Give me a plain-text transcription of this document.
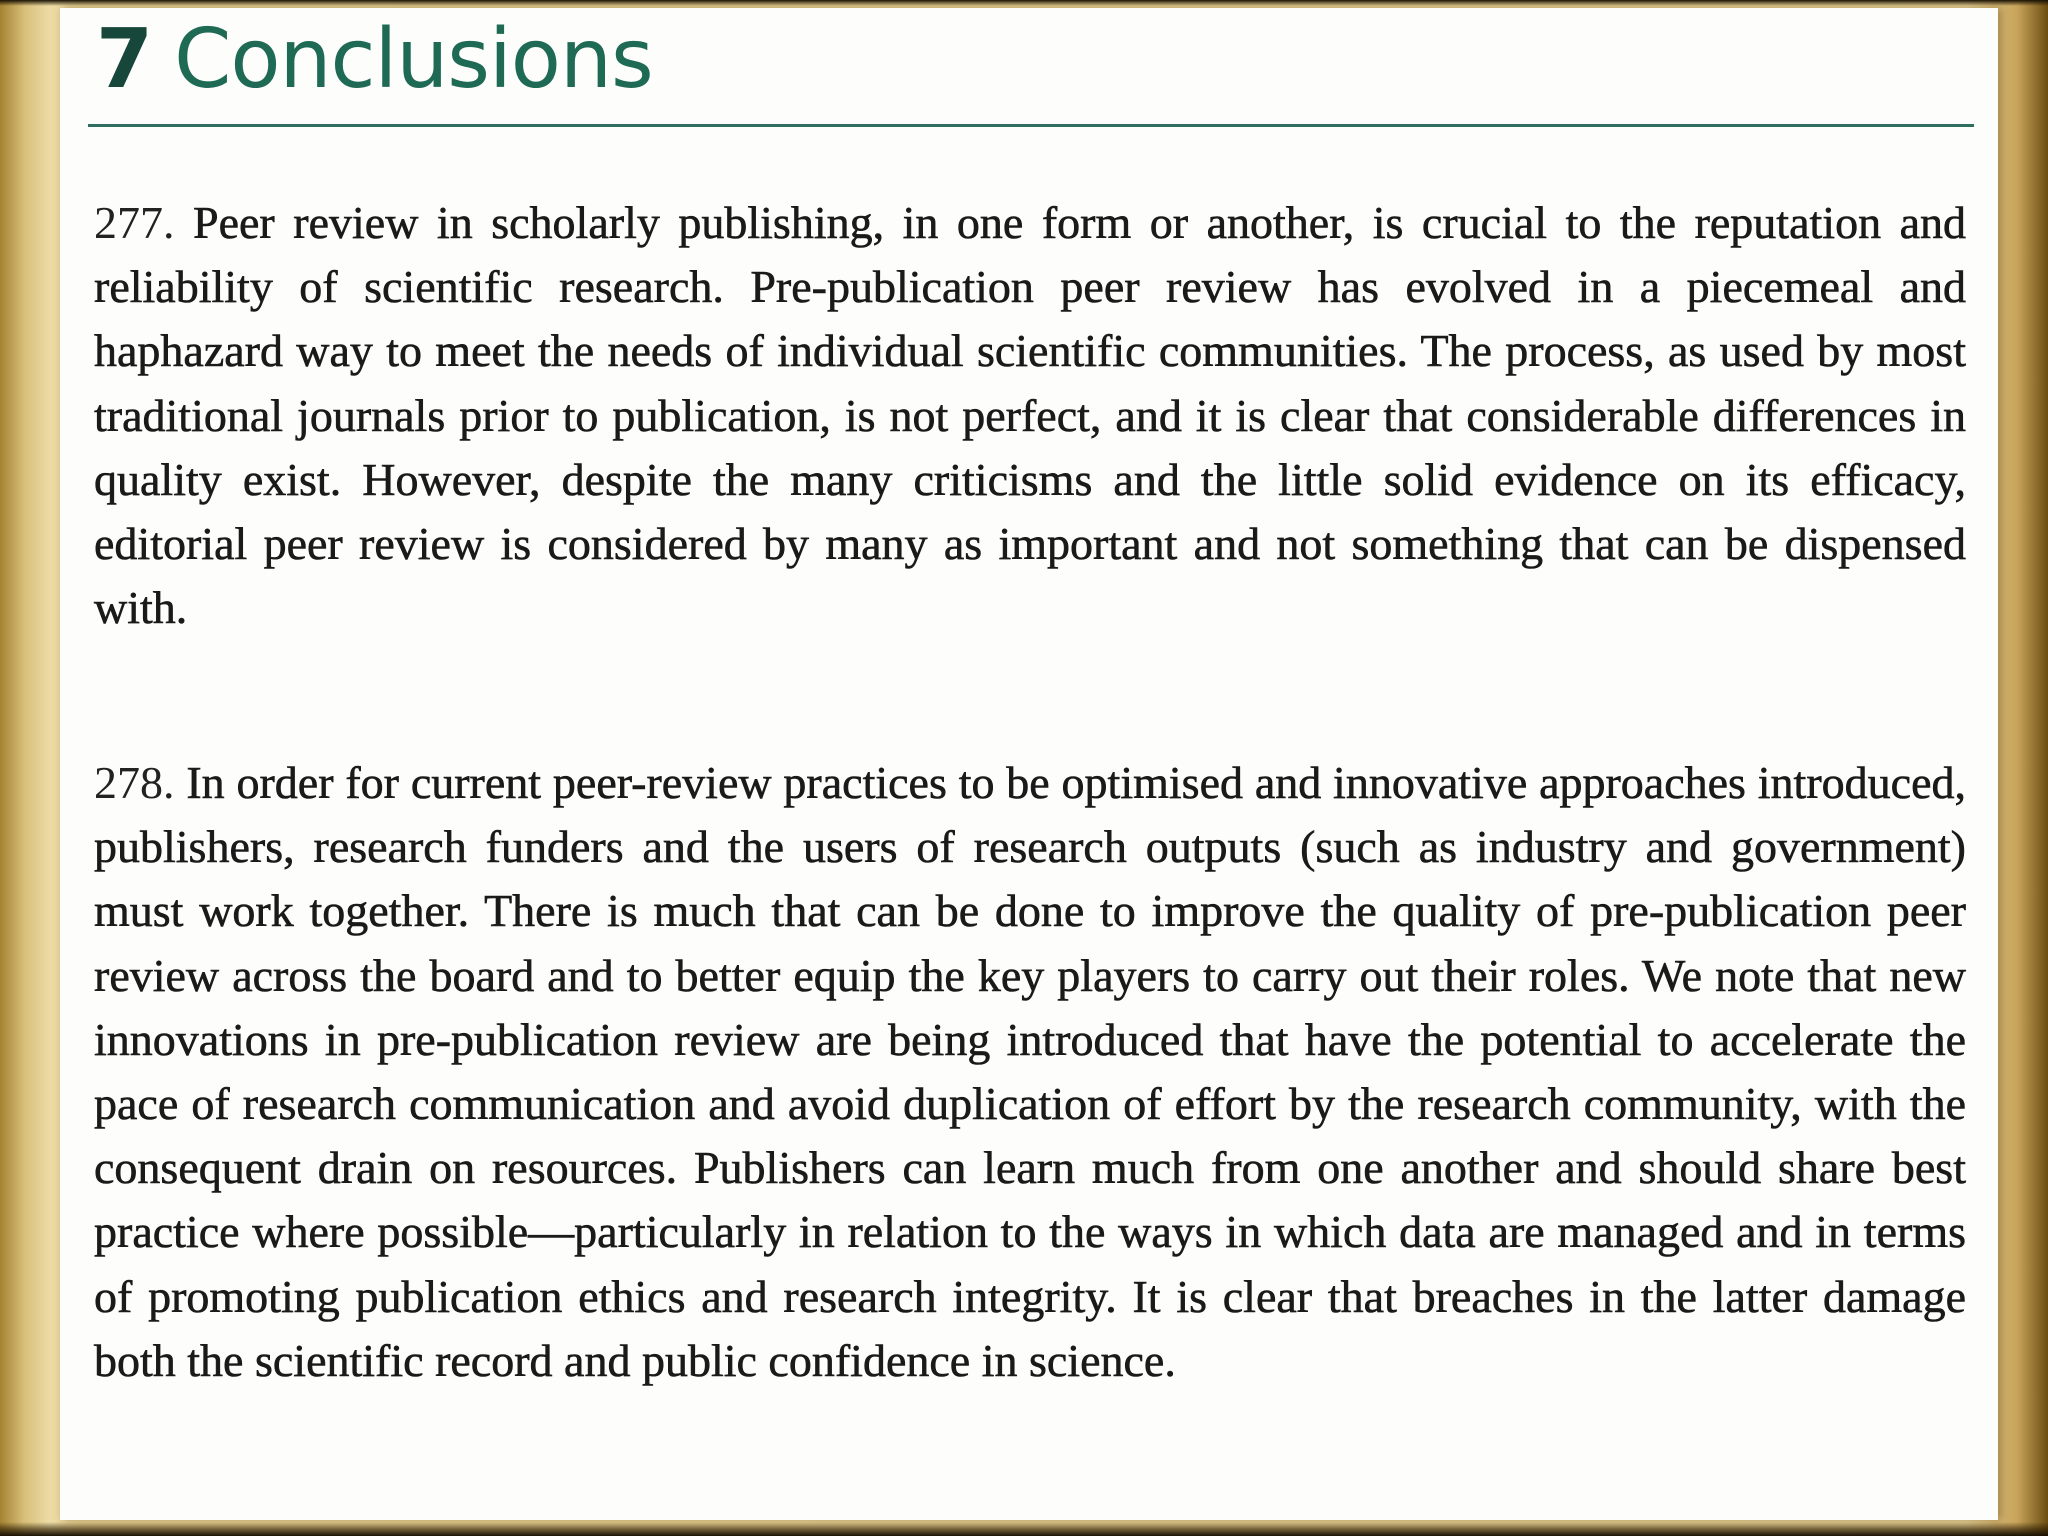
7 Conclusions

277. Peer review in scholarly publishing, in one form or another, is crucial to the reputation and reliability of scientific research. Pre-publication peer review has evolved in a piecemeal and haphazard way to meet the needs of individual scientific communities. The process, as used by most traditional journals prior to publication, is not perfect, and it is clear that considerable differences in quality exist. However, despite the many criticisms and the little solid evidence on its efficacy, editorial peer review is considered by many as important and not something that can be dispensed with.

278. In order for current peer-review practices to be optimised and innovative approaches introduced, publishers, research funders and the users of research outputs (such as industry and government) must work together. There is much that can be done to improve the quality of pre-publication peer review across the board and to better equip the key players to carry out their roles. We note that new innovations in pre-publication review are being introduced that have the potential to accelerate the pace of research communication and avoid duplication of effort by the research community, with the consequent drain on resources. Publishers can learn much from one another and should share best practice where possible—particularly in relation to the ways in which data are managed and in terms of promoting publication ethics and research integrity. It is clear that breaches in the latter damage both the scientific record and public confidence in science.
